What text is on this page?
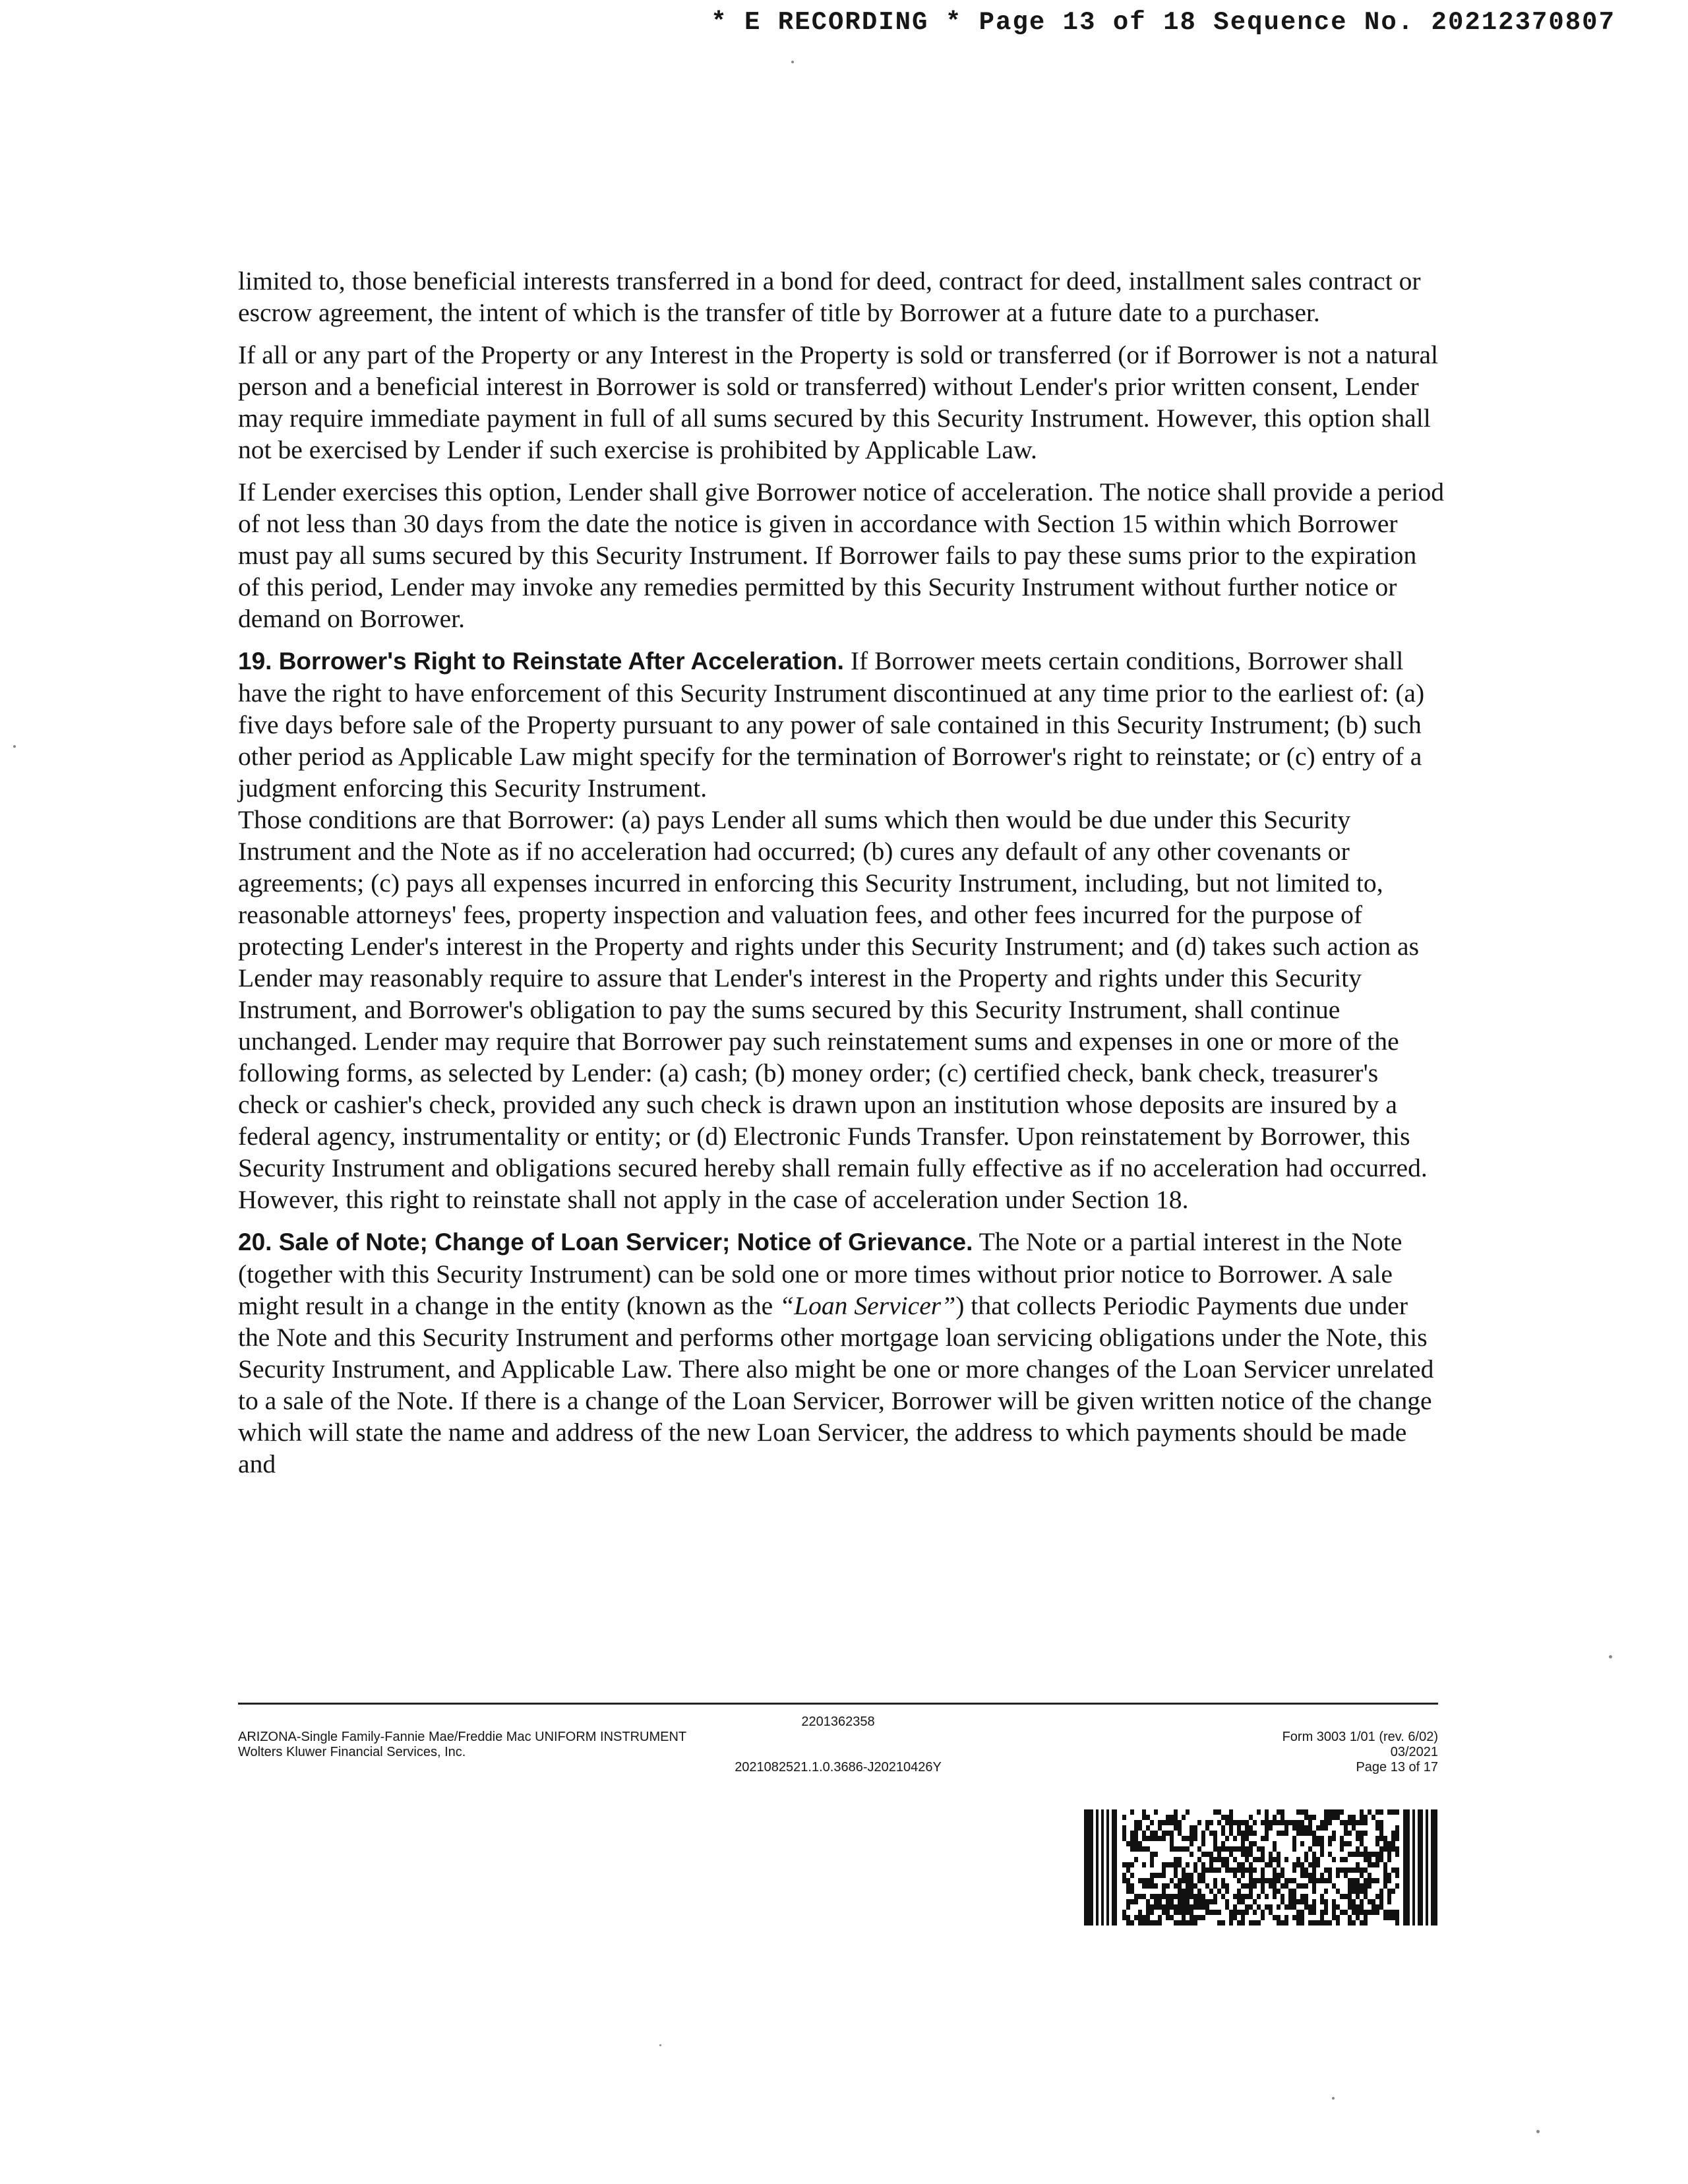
* E RECORDING * Page 13 of 18 Sequence No. 20212370807

limited to, those beneficial interests transferred in a bond for deed, contract for deed, installment sales contract or escrow agreement, the intent of which is the transfer of title by Borrower at a future date to a purchaser.

If all or any part of the Property or any Interest in the Property is sold or transferred (or if Borrower is not a natural person and a beneficial interest in Borrower is sold or transferred) without Lender's prior written consent, Lender may require immediate payment in full of all sums secured by this Security Instrument. However, this option shall not be exercised by Lender if such exercise is prohibited by Applicable Law.

If Lender exercises this option, Lender shall give Borrower notice of acceleration. The notice shall provide a period of not less than 30 days from the date the notice is given in accordance with Section 15 within which Borrower must pay all sums secured by this Security Instrument. If Borrower fails to pay these sums prior to the expiration of this period, Lender may invoke any remedies permitted by this Security Instrument without further notice or demand on Borrower.

19. Borrower's Right to Reinstate After Acceleration. If Borrower meets certain conditions, Borrower shall have the right to have enforcement of this Security Instrument discontinued at any time prior to the earliest of: (a) five days before sale of the Property pursuant to any power of sale contained in this Security Instrument; (b) such other period as Applicable Law might specify for the termination of Borrower's right to reinstate; or (c) entry of a judgment enforcing this Security Instrument.

Those conditions are that Borrower: (a) pays Lender all sums which then would be due under this Security Instrument and the Note as if no acceleration had occurred; (b) cures any default of any other covenants or agreements; (c) pays all expenses incurred in enforcing this Security Instrument, including, but not limited to, reasonable attorneys' fees, property inspection and valuation fees, and other fees incurred for the purpose of protecting Lender's interest in the Property and rights under this Security Instrument; and (d) takes such action as Lender may reasonably require to assure that Lender's interest in the Property and rights under this Security Instrument, and Borrower's obligation to pay the sums secured by this Security Instrument, shall continue unchanged. Lender may require that Borrower pay such reinstatement sums and expenses in one or more of the following forms, as selected by Lender: (a) cash; (b) money order; (c) certified check, bank check, treasurer's check or cashier's check, provided any such check is drawn upon an institution whose deposits are insured by a federal agency, instrumentality or entity; or (d) Electronic Funds Transfer. Upon reinstatement by Borrower, this Security Instrument and obligations secured hereby shall remain fully effective as if no acceleration had occurred. However, this right to reinstate shall not apply in the case of acceleration under Section 18.

20. Sale of Note; Change of Loan Servicer; Notice of Grievance. The Note or a partial interest in the Note (together with this Security Instrument) can be sold one or more times without prior notice to Borrower. A sale might result in a change in the entity (known as the “Loan Servicer”) that collects Periodic Payments due under the Note and this Security Instrument and performs other mortgage loan servicing obligations under the Note, this Security Instrument, and Applicable Law. There also might be one or more changes of the Loan Servicer unrelated to a sale of the Note. If there is a change of the Loan Servicer, Borrower will be given written notice of the change which will state the name and address of the new Loan Servicer, the address to which payments should be made and

2201362358
ARIZONA-Single Family-Fannie Mae/Freddie Mac UNIFORM INSTRUMENT	Form 3003 1/01 (rev. 6/02)
Wolters Kluwer Financial Services, Inc.	03/2021
2021082521.1.0.3686-J20210426Y	Page 13 of 17
